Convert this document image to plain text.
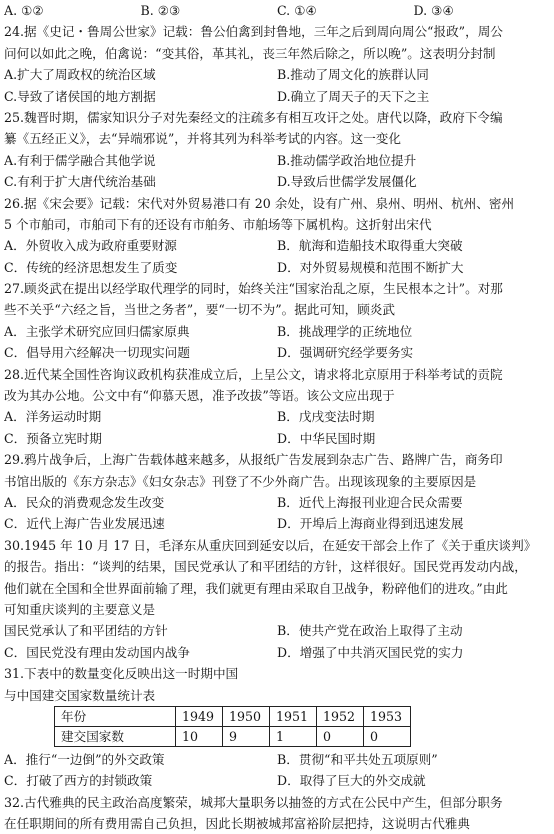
A. ①②	B. ②③	C. ①④	D. ③④
24.据《史记・鲁周公世家》记载：鲁公伯禽到封鲁地，三年之后到周向周公“报政”，周公
问何以如此之晚，伯禽说：“变其俗，革其礼，丧三年然后除之，所以晚”。这表明分封制
A.扩大了周政权的统治区域	B.推动了周文化的族群认同
C.导致了诸侯国的地方割据	D.确立了周天子的天下之主
25.魏晋时期，儒家知识分子对先秦经文的注疏多有相互攻讦之处。唐代以降，政府下令编
纂《五经正义》，去“异端邪说”，并将其列为科举考试的内容。这一变化
A.有利于儒学融合其他学说	B.推动儒学政治地位提升
C.有利于扩大唐代统治基础	D.导致后世儒学发展僵化
26.据《宋会要》记载：宋代对外贸易港口有 20 余处，设有广州、泉州、明州、杭州、密州
5 个市舶司，市舶司下有的还设有市舶务、市舶场等下属机构。这折射出宋代
A．外贸收入成为政府重要财源	B．航海和造船技术取得重大突破
C．传统的经济思想发生了质变	D．对外贸易规模和范围不断扩大
27.顾炎武在提出以经学取代理学的同时，始终关注“国家治乱之原，生民根本之计”。对那
些不关乎“六经之旨，当世之务者”，要“一切不为”。据此可知，顾炎武
A．主张学术研究应回归儒家原典	B．挑战理学的正统地位
C．倡导用六经解决一切现实问题	D．强调研究经学要务实
28.近代某全国性咨询议政机构获准成立后，上呈公文，请求将北京原用于科举考试的贡院
改为其办公地。公文中有“仰慕天恩，准予改拔”等语。该公文应出现于
A．洋务运动时期	B．戊戌变法时期
C．预备立宪时期	D．中华民国时期
29.鸦片战争后，上海广告载体越来越多，从报纸广告发展到杂志广告、路牌广告，商务印
书馆出版的《东方杂志》《妇女杂志》刊登了不少外商广告。出现该现象的主要原因是
A．民众的消费观念发生改变	B．近代上海报刊业迎合民众需要
C．近代上海广告业发展迅速	D．开埠后上海商业得到迅速发展
30.1945 年 10 月 17 日，毛泽东从重庆回到延安以后，在延安干部会上作了《关于重庆谈判》
的报告。指出：“谈判的结果，国民党承认了和平团结的方针，这样很好。国民党再发动内战，
他们就在全国和全世界面前输了理，我们就更有理由采取自卫战争，粉碎他们的进攻。”由此
可知重庆谈判的主要意义是
国民党承认了和平团结的方针	B．使共产党在政治上取得了主动
C．国民党没有理由发动国内战争	D．增强了中共消灭国民党的实力
31.下表中的数量变化反映出这一时期中国
与中国建交国家数量统计表
年份	1949	1950	1951	1952	1953
建交国家数	10	9	1	0	0
A．推行“一边倒”的外交政策	B．贯彻“和平共处五项原则”
C．打破了西方的封锁政策	D．取得了巨大的外交成就
32.古代雅典的民主政治高度繁荣，城邦大量职务以抽签的方式在公民中产生，但部分职务
在任职期间的所有费用需自己负担，因此长期被城邦富裕阶层把持，这说明古代雅典
